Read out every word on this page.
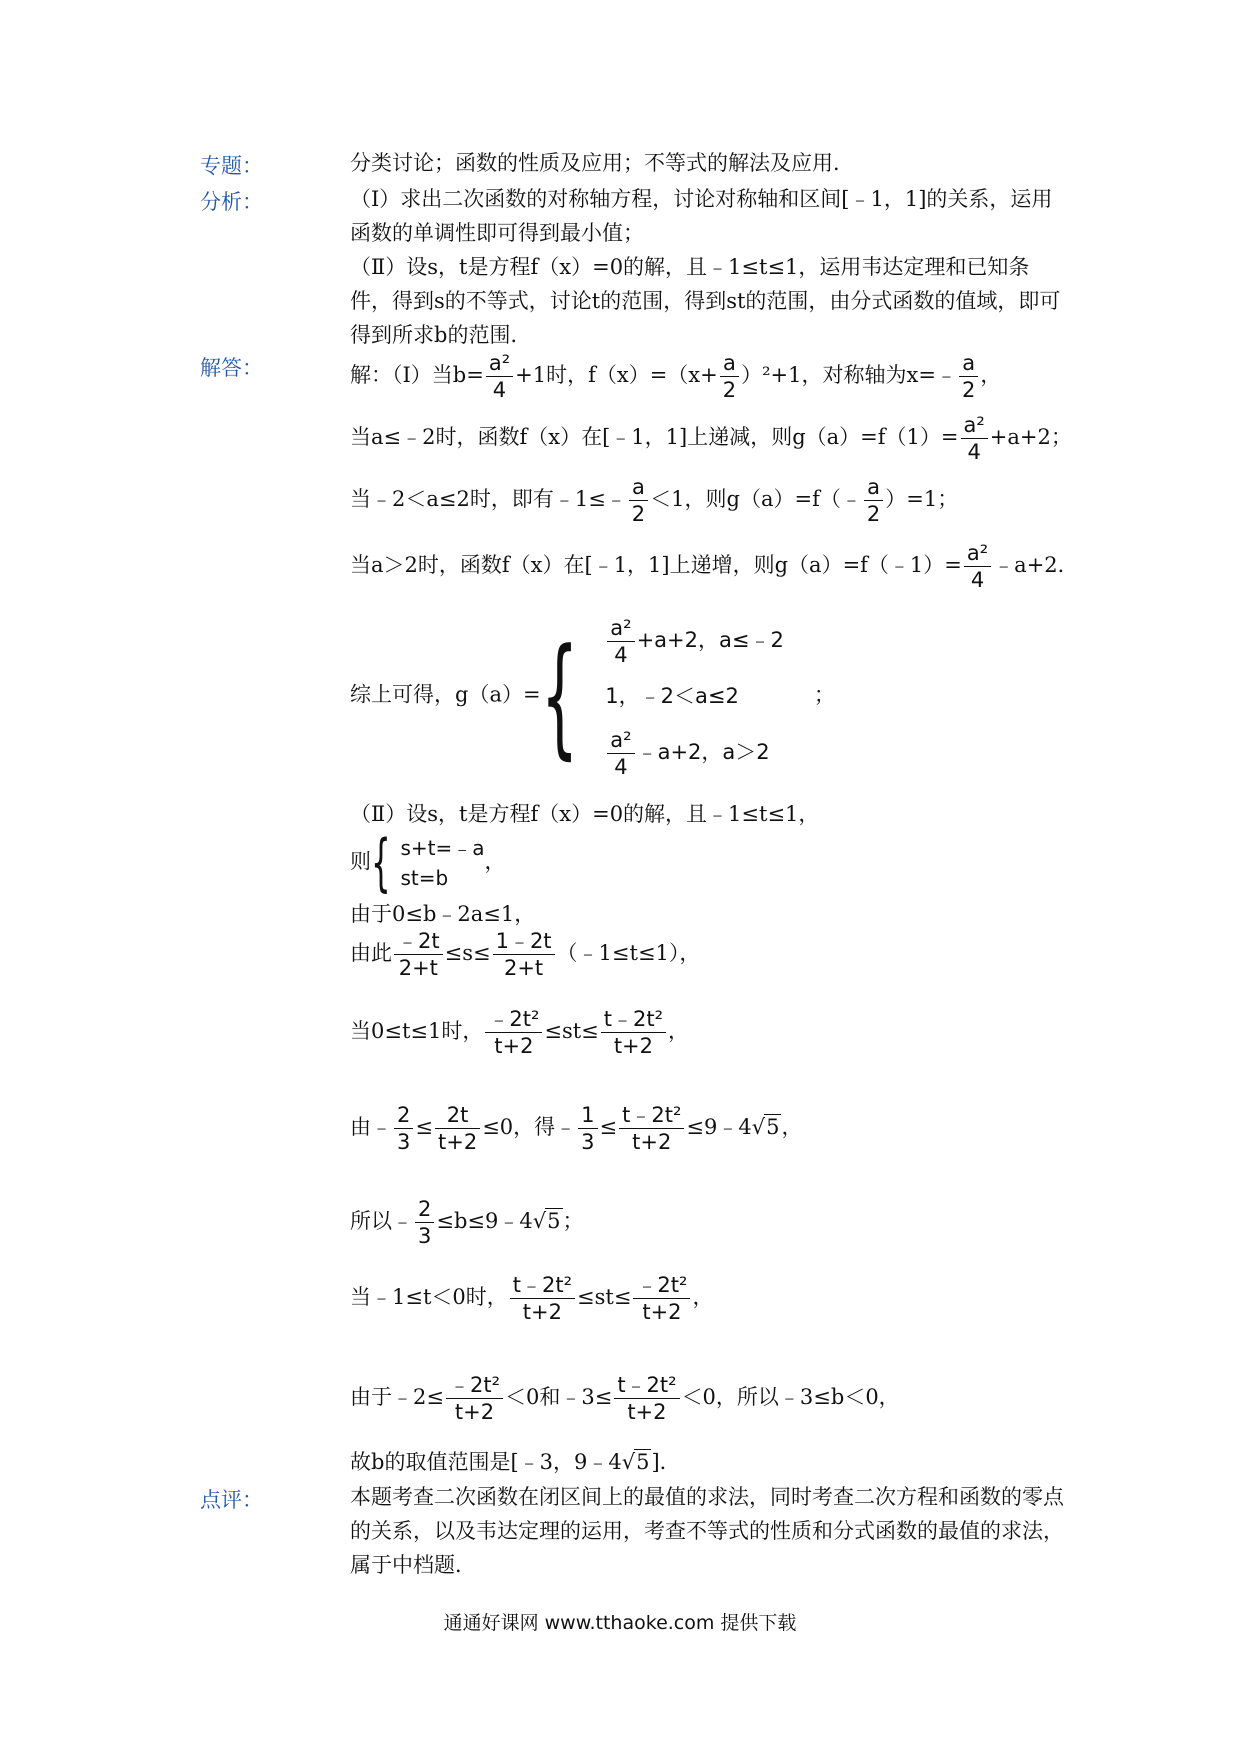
专题：	分类讨论；函数的性质及应用；不等式的解法及应用．
分析：	（Ⅰ）求出二次函数的对称轴方程，讨论对称轴和区间[﹣1，1]的关系，运用函数的单调性即可得到最小值；
（Ⅱ）设s，t是方程f（x）=0的解，且﹣1≤t≤1，运用韦达定理和已知条件，得到s的不等式，讨论t的范围，得到st的范围，由分式函数的值域，即可得到所求b的范围．
解答：	解：（Ⅰ）当$b= \frac{\text{a²}}{4} +1$时，$f(x)=(x+ \frac{a}{2} )^2+1$，对称轴为x=﹣ $\frac{a}{2}$ ，
当a≤﹣2时，函数f（x）在[﹣1，1]上递减，则$g(a)=f(1)= \frac{\text{a²}}{4} +a+2$；
当﹣2＜a≤2时，即有﹣1≤﹣ $\frac{a}{2} <1$，则g（a）=f（﹣ $\frac{a}{2} )=1$；
当a＞2时，函数f（x）在[﹣1，1]上递增，则g（a）=f（﹣1）= $\frac{\text{a²}}{4}$ ﹣a+2．
综上可得，$g(a)=\{ \frac{\text{a²}}{4} +a+2$，a≤﹣2
1，﹣2＜a≤2
$\frac{\text{a²}}{4}$ ﹣a+2，a＞2
；
（Ⅱ）设s，t是方程f（x）=0的解，且﹣1≤t≤1，
则{ s+t=﹣a
st=b
，
由于0≤b﹣2a≤1，
由此 $\frac{﹣2t}{2+t} \le s\le \frac{1﹣2t}{2+t}$ （﹣1≤t≤1），
当0≤t≤1时， $\frac{\text{﹣2t²}}{t+2} \le st\le \frac{\text{t﹣2t²}}{t+2}$ ，
由﹣ $\frac{2}{3} \le \frac{2t}{t+2} \le 0$，得﹣ $\frac{1}{3} \le \frac{\text{t﹣2t²}}{t+2}$ ≤9﹣4√5，
所以﹣ $\frac{2}{3}$ ≤b≤9﹣4√5；
当﹣1≤t＜0时， $\frac{\text{t﹣2t²}}{t+2} \le st\le \frac{\text{﹣2t²}}{t+2}$ ，
由于﹣2≤ $\frac{\text{﹣2t²}}{t+2} <0$和﹣3≤ $\frac{\text{t﹣2t²}}{t+2} <0$，所以﹣3≤b＜0，
故b的取值范围是[﹣3，9﹣4√5]．
点评：	本题考查二次函数在闭区间上的最值的求法，同时考查二次方程和函数的零点的关系，以及韦达定理的运用，考查不等式的性质和分式函数的最值的求法，属于中档题．
通通好课网 www.tthaoke.com 提供下载
